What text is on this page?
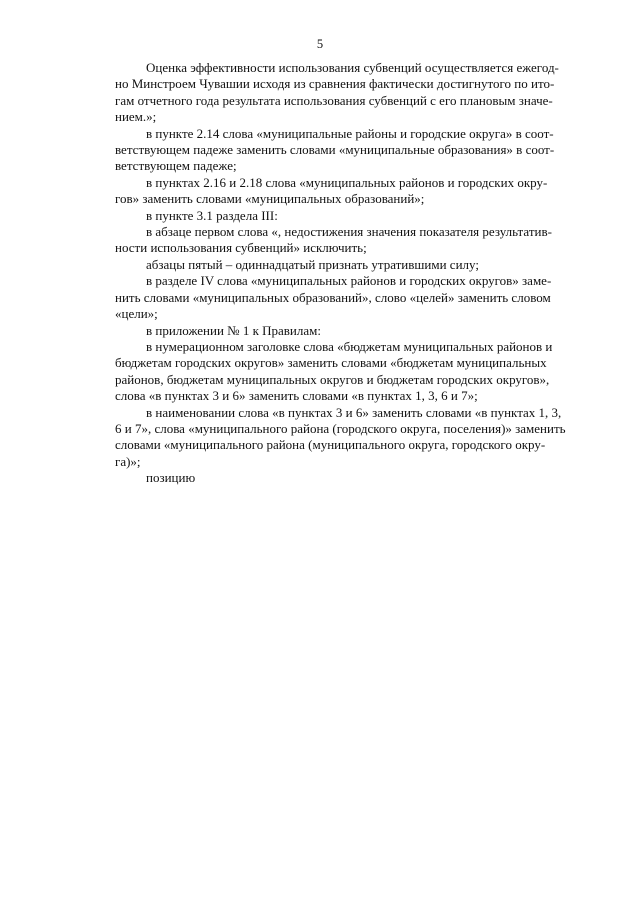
5

Оценка эффективности использования субвенций осуществляется ежегод-
но Минстроем Чувашии исходя из сравнения фактически достигнутого по ито-
гам отчетного года результата использования субвенций с его плановым значе-
нием.»;

в пункте 2.14 слова «муниципальные районы и городские округа» в соот-
ветствующем падеже заменить словами «муниципальные образования» в соот-
ветствующем падеже;

в пунктах 2.16 и 2.18 слова «муниципальных районов и городских окру-
гов» заменить словами «муниципальных образований»;

в пункте 3.1 раздела III:

в абзаце первом слова «, недостижения значения показателя результатив-
ности использования субвенций» исключить;

абзацы пятый – одиннадцатый признать утратившими силу;

в разделе IV слова «муниципальных районов и городских округов» заме-
нить словами «муниципальных образований», слово «целей» заменить словом
«цели»;

в приложении № 1 к Правилам:

в нумерационном заголовке слова «бюджетам муниципальных районов и
бюджетам городских округов» заменить словами «бюджетам муниципальных
районов, бюджетам муниципальных округов и бюджетам городских округов»,
слова «в пунктах 3 и 6» заменить словами «в пунктах 1, 3, 6 и 7»;

в наименовании слова «в пунктах 3 и 6» заменить словами «в пунктах 1, 3,
6 и 7», слова «муниципального района (городского округа, поселения)» заменить
словами «муниципального района (муниципального округа, городского окру-
га)»;

позицию
